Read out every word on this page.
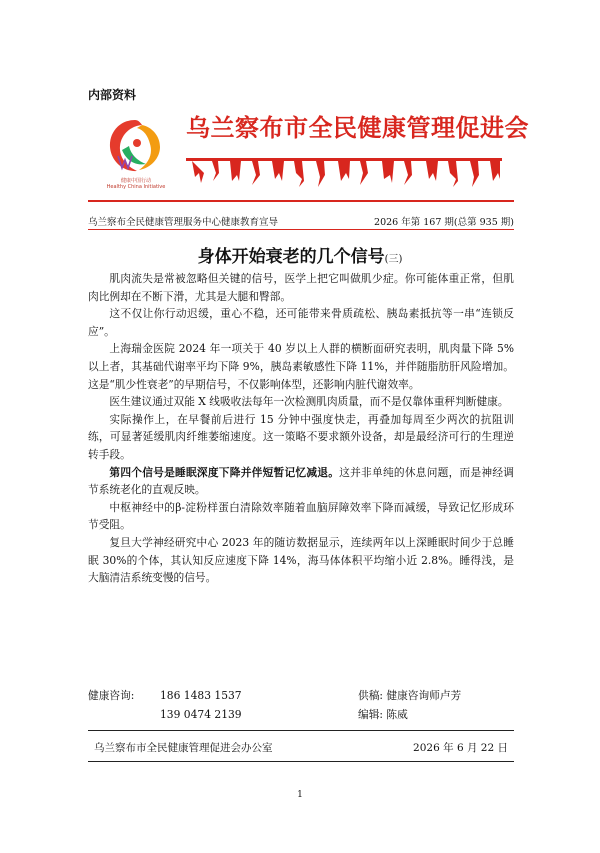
内部资料
健康中国行动
Healthy China Initiative
乌兰察布市全民健康管理促进会
乌兰察布全民健康管理服务中心健康教育宣导	2026 年第 167 期(总第 935 期)
身体开始衰老的几个信号(三)

肌肉流失是常被忽略但关键的信号，医学上把它叫做肌少症。你可能体重正常，但肌肉比例却在不断下滑，尤其是大腿和臀部。

这不仅让你行动迟缓，重心不稳，还可能带来骨质疏松、胰岛素抵抗等一串“连锁反应”。

上海瑞金医院 2024 年一项关于 40 岁以上人群的横断面研究表明，肌肉量下降 5%以上者，其基础代谢率平均下降 9%，胰岛素敏感性下降 11%，并伴随脂肪肝风险增加。这是“肌少性衰老”的早期信号，不仅影响体型，还影响内脏代谢效率。

医生建议通过双能 X 线吸收法每年一次检测肌肉质量，而不是仅靠体重秤判断健康。

实际操作上，在早餐前后进行 15 分钟中强度快走，再叠加每周至少两次的抗阻训练，可显著延缓肌肉纤维萎缩速度。这一策略不要求额外设备，却是最经济可行的生理逆转手段。

第四个信号是睡眠深度下降并伴短暂记忆减退。这并非单纯的休息问题，而是神经调节系统老化的直观反映。

中枢神经中的β-淀粉样蛋白清除效率随着血脑屏障效率下降而减缓，导致记忆形成环节受阻。

复旦大学神经研究中心 2023 年的随访数据显示，连续两年以上深睡眠时间少于总睡眠 30%的个体，其认知反应速度下降 14%，海马体体积平均缩小近 2.8%。睡得浅，是大脑清洁系统变慢的信号。

健康咨询: 186 1483 1537	供稿: 健康咨询师卢芳
139 0474 2139	编辑: 陈威
乌兰察布市全民健康管理促进会办公室	2026 年 6 月 22 日
1
